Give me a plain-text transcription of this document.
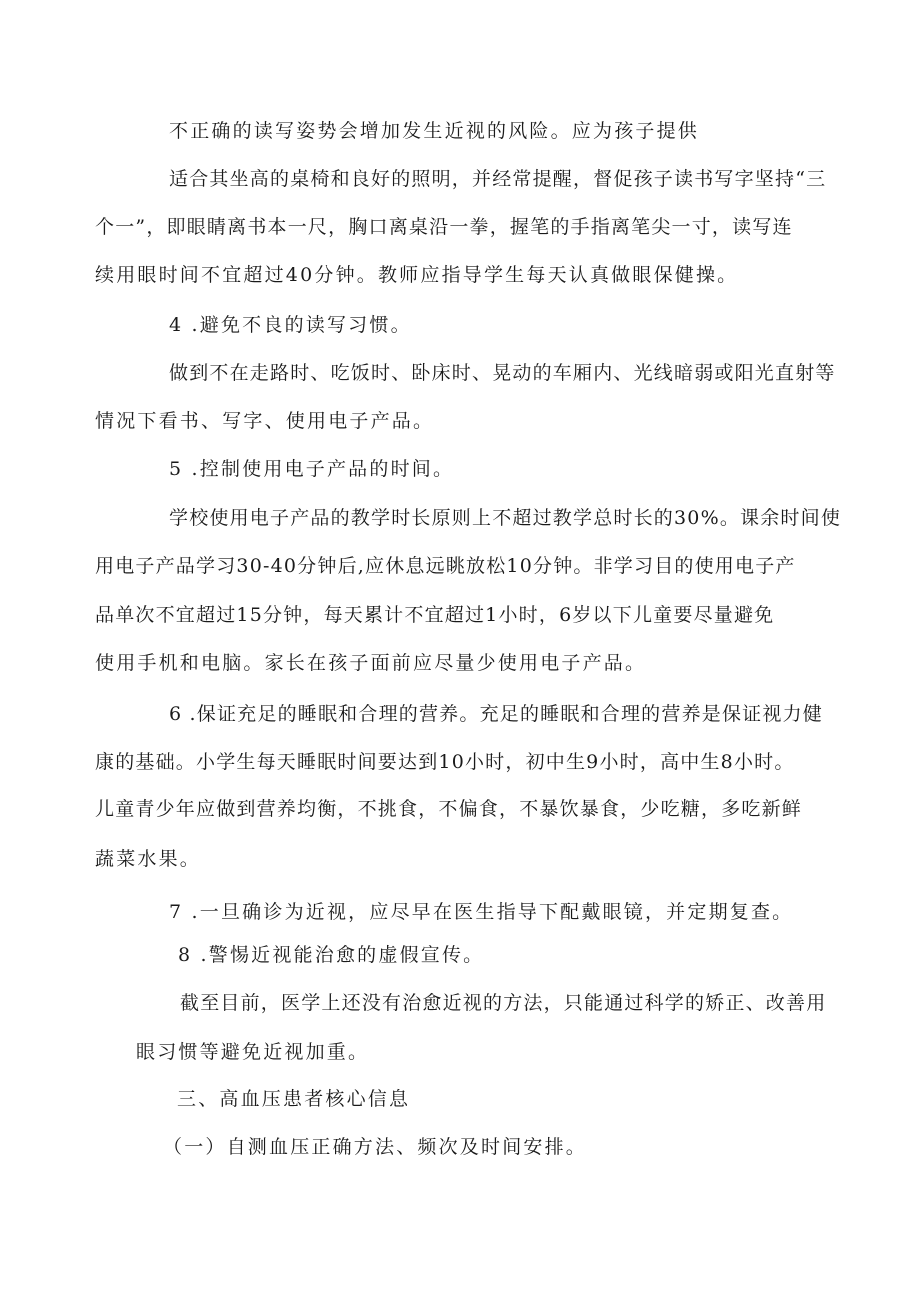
不正确的读写姿势会增加发生近视的风险。应为孩子提供
适合其坐高的桌椅和良好的照明，并经常提醒，督促孩子读书写字坚持“三
个一”，即眼睛离书本一尺，胸口离桌沿一拳，握笔的手指离笔尖一寸，读写连
续用眼时间不宜超过40分钟。教师应指导学生每天认真做眼保健操。
4 .避免不良的读写习惯。
做到不在走路时、吃饭时、卧床时、晃动的车厢内、光线暗弱或阳光直射等
情况下看书、写字、使用电子产品。
5 .控制使用电子产品的时间。
学校使用电子产品的教学时长原则上不超过教学总时长的30%。课余时间使
用电子产品学习30-40分钟后,应休息远眺放松10分钟。非学习目的使用电子产
品单次不宜超过15分钟，每天累计不宜超过1小时，6岁以下儿童要尽量避免
使用手机和电脑。家长在孩子面前应尽量少使用电子产品。
6 .保证充足的睡眠和合理的营养。充足的睡眠和合理的营养是保证视力健
康的基础。小学生每天睡眠时间要达到10小时，初中生9小时，高中生8小时。
儿童青少年应做到营养均衡，不挑食，不偏食，不暴饮暴食，少吃糖，多吃新鲜
蔬菜水果。
7 .一旦确诊为近视，应尽早在医生指导下配戴眼镜，并定期复查。
8 .警惕近视能治愈的虚假宣传。
截至目前，医学上还没有治愈近视的方法，只能通过科学的矫正、改善用
眼习惯等避免近视加重。
三、高血压患者核心信息
（一）自测血压正确方法、频次及时间安排。
